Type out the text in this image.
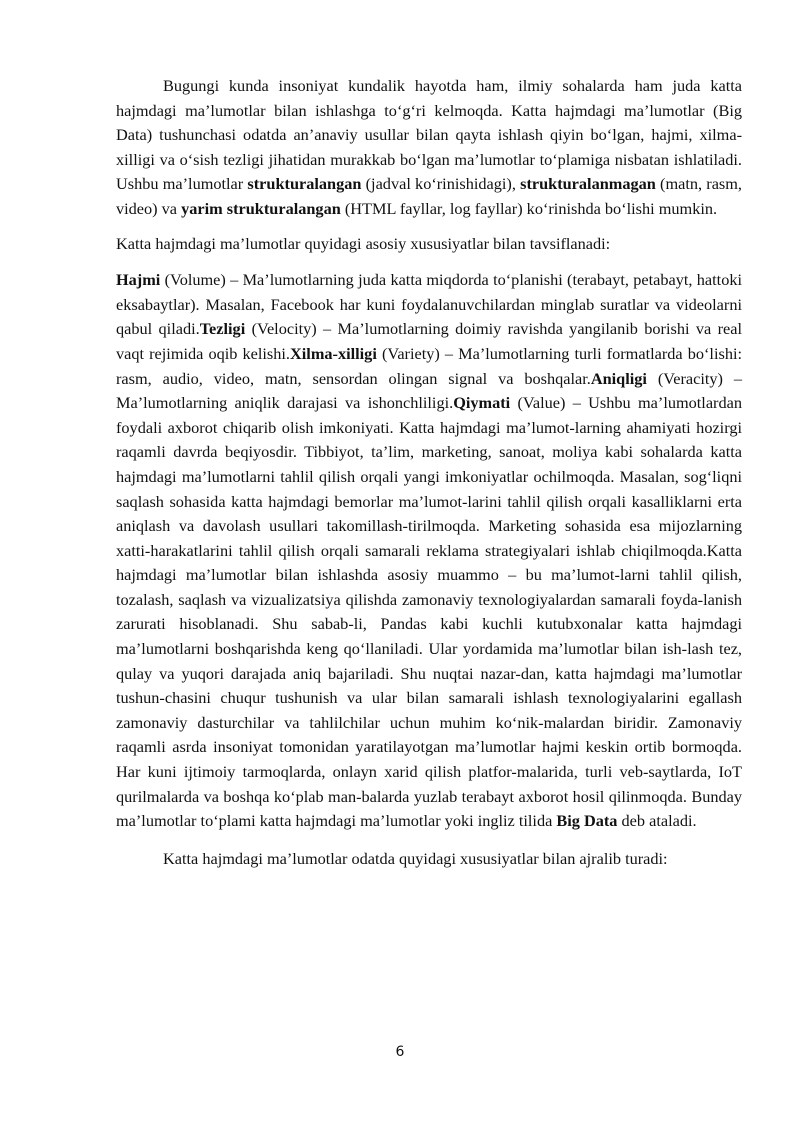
Bugungi kunda insoniyat kundalik hayotda ham, ilmiy sohalarda ham juda katta hajmdagi ma’lumotlar bilan ishlashga to‘g‘ri kelmoqda. Katta hajmdagi ma’lumotlar (Big Data) tushunchasi odatda an’anaviy usullar bilan qayta ishlash qiyin bo‘lgan, hajmi, xilma-xilligi va o‘sish tezligi jihatidan murakkab bo‘lgan ma’lumotlar to‘plamiga nisbatan ishlatiladi. Ushbu ma’lumotlar strukturalangan (jadval ko‘rinishidagi), strukturalanmagan (matn, rasm, video) va yarim strukturalangan (HTML fayllar, log fayllar) ko‘rinishda bo‘lishi mumkin.

Katta hajmdagi ma’lumotlar quyidagi asosiy xususiyatlar bilan tavsiflanadi:

Hajmi (Volume) – Ma’lumotlarning juda katta miqdorda to‘planishi (terabayt, petabayt, hattoki eksabaytlar). Masalan, Facebook har kuni foydalanuvchilardan minglab suratlar va videolarni qabul qiladi.Tezligi (Velocity) – Ma’lumotlarning doimiy ravishda yangilanib borishi va real vaqt rejimida oqib kelishi.Xilma-xilligi (Variety) – Ma’lumotlarning turli formatlarda bo‘lishi: rasm, audio, video, matn, sensordan olingan signal va boshqalar.Aniqligi (Veracity) – Ma’lumotlarning aniqlik darajasi va ishonchliligi.Qiymati (Value) – Ushbu ma’lumotlardan foydali axborot chiqarib olish imkoniyati. Katta hajmdagi ma’lumot-larning ahamiyati hozirgi raqamli davrda beqiyosdir. Tibbiyot, ta’lim, marketing, sanoat, moliya kabi sohalarda katta hajmdagi ma’lumotlarni tahlil qilish orqali yangi imkoniyatlar ochilmoqda. Masalan, sog‘liqni saqlash sohasida katta hajmdagi bemorlar ma’lumot-larini tahlil qilish orqali kasalliklarni erta aniqlash va davolash usullari takomillash-tirilmoqda. Marketing sohasida esa mijozlarning xatti-harakatlarini tahlil qilish orqali samarali reklama strategiyalari ishlab chiqilmoqda.Katta hajmdagi ma’lumotlar bilan ishlashda asosiy muammo – bu ma’lumot-larni tahlil qilish, tozalash, saqlash va vizualizatsiya qilishda zamonaviy texnologiyalardan samarali foyda-lanish zarurati hisoblanadi. Shu sabab-li, Pandas kabi kuchli kutubxonalar katta hajmdagi ma’lumotlarni boshqarishda keng qo‘llaniladi. Ular yordamida ma’lumotlar bilan ish-lash tez, qulay va yuqori darajada aniq bajariladi. Shu nuqtai nazar-dan, katta hajmdagi ma’lumotlar tushun-chasini chuqur tushunish va ular bilan samarali ishlash texnologiyalarini egallash zamonaviy dasturchilar va tahlilchilar uchun muhim ko‘nik-malardan biridir. Zamonaviy raqamli asrda insoniyat tomonidan yaratilayotgan ma’lumotlar hajmi keskin ortib bormoqda. Har kuni ijtimoiy tarmoqlarda, onlayn xarid qilish platfor-malarida, turli veb-saytlarda, IoT qurilmalarda va boshqa ko‘plab man-balarda yuzlab terabayt axborot hosil qilinmoqda. Bunday ma’lumotlar to‘plami katta hajmdagi ma’lumotlar yoki ingliz tilida Big Data deb ataladi.

Katta hajmdagi ma’lumotlar odatda quyidagi xususiyatlar bilan ajralib turadi:

6
